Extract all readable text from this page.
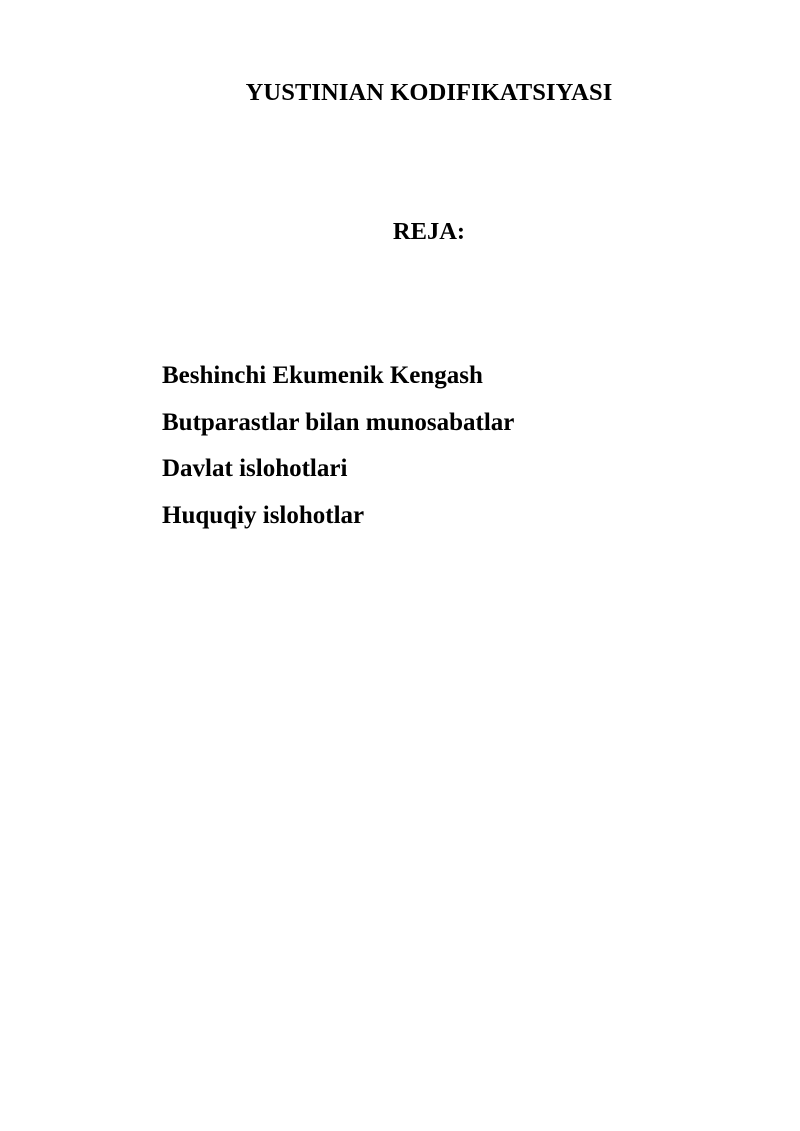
YUSTINIAN KODIFIKATSIYASI
REJA:
Beshinchi Ekumenik Kengash
Butparastlar bilan munosabatlar
Davlat islohotlari
Huquqiy islohotlar
